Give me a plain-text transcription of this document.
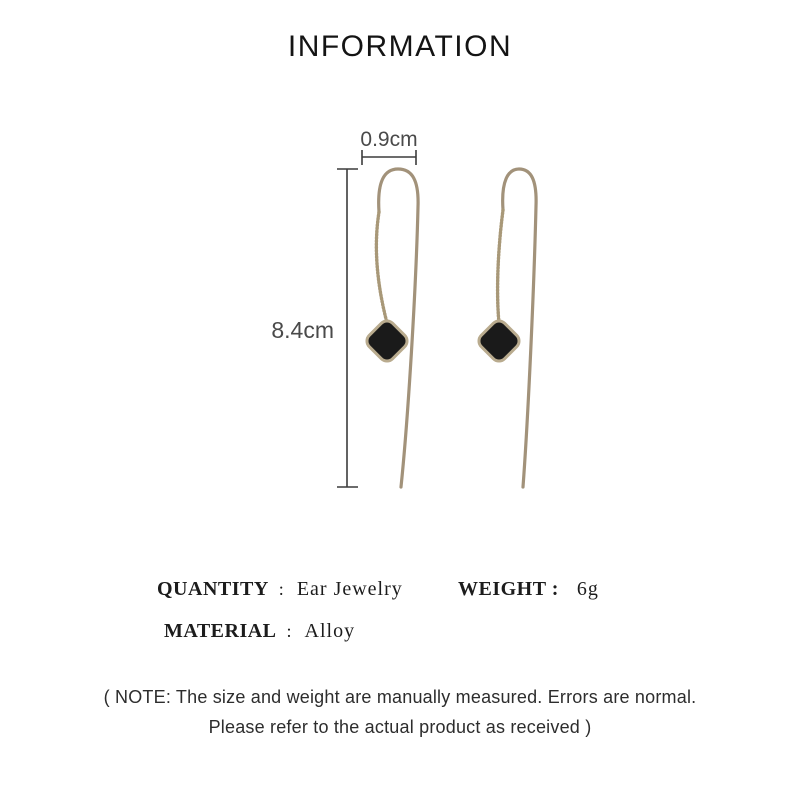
INFORMATION
0.9cm
8.4cm
QUANTITY : Ear Jewelry	WEIGHT : 6g
MATERIAL : Alloy
( NOTE: The size and weight are manually measured. Errors are normal.
Please refer to the actual product as received )
